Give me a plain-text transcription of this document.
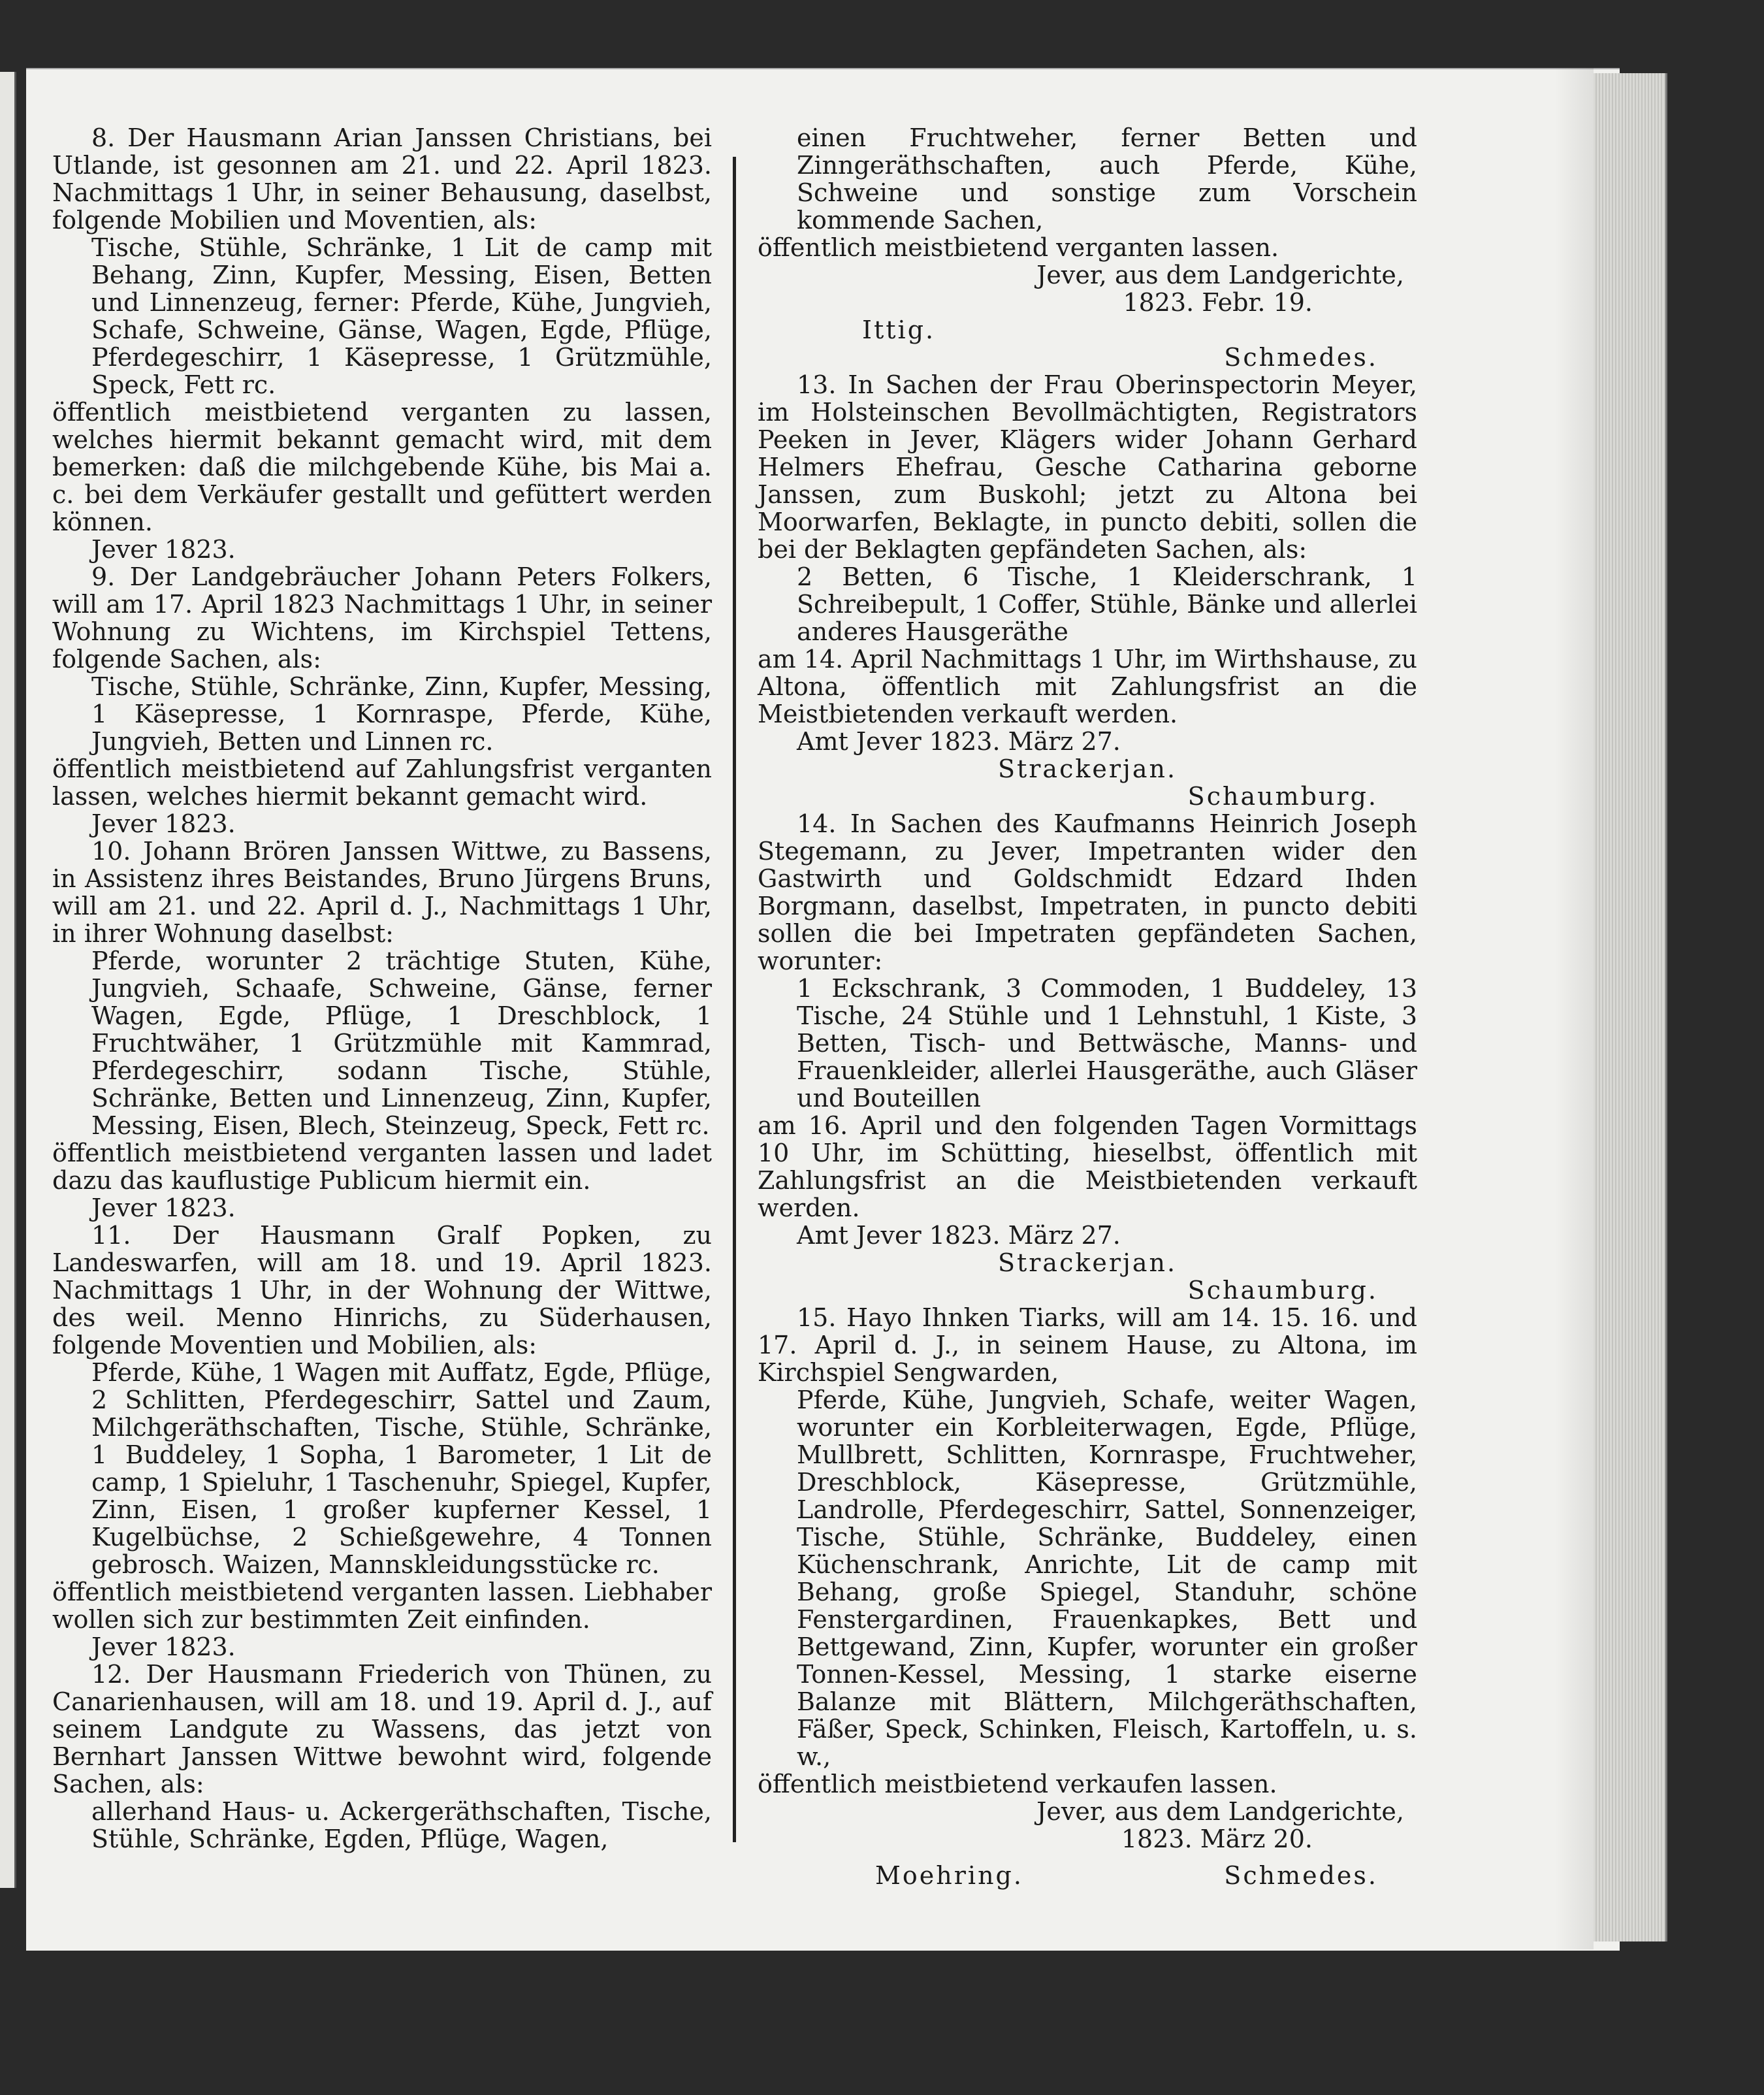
8. Der Hausmann Arian Janssen Christians, bei Utlande, ist gesonnen am 21. und 22. April 1823. Nachmittags 1 Uhr, in seiner Behausung, daselbst, folgende Mobilien und Moventien, als:

Tische, Stühle, Schränke, 1 Lit de camp mit Behang, Zinn, Kupfer, Messing, Eisen, Betten und Linnenzeug, ferner: Pferde, Kühe, Jungvieh, Schafe, Schweine, Gänse, Wagen, Egde, Pflüge, Pferdegeschirr, 1 Käsepresse, 1 Grützmühle, Speck, Fett rc.

öffentlich meistbietend verganten zu lassen, welches hiermit bekannt gemacht wird, mit dem bemerken: daß die milchgebende Kühe, bis Mai a. c. bei dem Verkäufer gestallt und gefüttert werden können.

Jever 1823.

9. Der Landgebräucher Johann Peters Folkers, will am 17. April 1823 Nachmittags 1 Uhr, in seiner Wohnung zu Wichtens, im Kirchspiel Tettens, folgende Sachen, als:

Tische, Stühle, Schränke, Zinn, Kupfer, Messing, 1 Käsepresse, 1 Kornraspe, Pferde, Kühe, Jungvieh, Betten und Linnen rc.

öffentlich meistbietend auf Zahlungsfrist verganten lassen, welches hiermit bekannt gemacht wird.

Jever 1823.

10. Johann Brören Janssen Wittwe, zu Bassens, in Assistenz ihres Beistandes, Bruno Jürgens Bruns, will am 21. und 22. April d. J., Nachmittags 1 Uhr, in ihrer Wohnung daselbst:

Pferde, worunter 2 trächtige Stuten, Kühe, Jungvieh, Schaafe, Schweine, Gänse, ferner Wagen, Egde, Pflüge, 1 Dreschblock, 1 Fruchtwäher, 1 Grützmühle mit Kammrad, Pferdegeschirr, sodann Tische, Stühle, Schränke, Betten und Linnenzeug, Zinn, Kupfer, Messing, Eisen, Blech, Steinzeug, Speck, Fett rc.

öffentlich meistbietend verganten lassen und ladet dazu das kauflustige Publicum hiermit ein.

Jever 1823.

11. Der Hausmann Gralf Popken, zu Landeswarfen, will am 18. und 19. April 1823. Nachmittags 1 Uhr, in der Wohnung der Wittwe, des weil. Menno Hinrichs, zu Süderhausen, folgende Moventien und Mobilien, als:

Pferde, Kühe, 1 Wagen mit Auffatz, Egde, Pflüge, 2 Schlitten, Pferdegeschirr, Sattel und Zaum, Milchgeräthschaften, Tische, Stühle, Schränke, 1 Buddeley, 1 Sopha, 1 Barometer, 1 Lit de camp, 1 Spieluhr, 1 Taschenuhr, Spiegel, Kupfer, Zinn, Eisen, 1 großer kupferner Kessel, 1 Kugelbüchse, 2 Schießgewehre, 4 Tonnen gebrosch. Waizen, Mannskleidungsstücke rc.

öffentlich meistbietend verganten lassen. Liebhaber wollen sich zur bestimmten Zeit einfinden.

Jever 1823.

12. Der Hausmann Friederich von Thünen, zu Canarienhausen, will am 18. und 19. April d. J., auf seinem Landgute zu Wassens, das jetzt von Bernhart Janssen Wittwe bewohnt wird, folgende Sachen, als:

allerhand Haus- u. Ackergeräthschaften, Tische, Stühle, Schränke, Egden, Pflüge, Wagen,

einen Fruchtweher, ferner Betten und Zinngeräthschaften, auch Pferde, Kühe, Schweine und sonstige zum Vorschein kommende Sachen,

öffentlich meistbietend verganten lassen.

Jever, aus dem Landgerichte,

1823. Febr. 19.

Ittig.

Schmedes.

13. In Sachen der Frau Oberinspectorin Meyer, im Holsteinschen Bevollmächtigten, Registrators Peeken in Jever, Klägers wider Johann Gerhard Helmers Ehefrau, Gesche Catharina geborne Janssen, zum Buskohl; jetzt zu Altona bei Moorwarfen, Beklagte, in puncto debiti, sollen die bei der Beklagten gepfändeten Sachen, als:

2 Betten, 6 Tische, 1 Kleiderschrank, 1 Schreibepult, 1 Coffer, Stühle, Bänke und allerlei anderes Hausgeräthe

am 14. April Nachmittags 1 Uhr, im Wirthshause, zu Altona, öffentlich mit Zahlungsfrist an die Meistbietenden verkauft werden.

Amt Jever 1823. März 27.

Strackerjan.

Schaumburg.

14. In Sachen des Kaufmanns Heinrich Joseph Stegemann, zu Jever, Impetranten wider den Gastwirth und Goldschmidt Edzard Ihden Borgmann, daselbst, Impetraten, in puncto debiti sollen die bei Impetraten gepfändeten Sachen, worunter:

1 Eckschrank, 3 Commoden, 1 Buddeley, 13 Tische, 24 Stühle und 1 Lehnstuhl, 1 Kiste, 3 Betten, Tisch- und Bettwäsche, Manns- und Frauenkleider, allerlei Hausgeräthe, auch Gläser und Bouteillen

am 16. April und den folgenden Tagen Vormittags 10 Uhr, im Schütting, hieselbst, öffentlich mit Zahlungsfrist an die Meistbietenden verkauft werden.

Amt Jever 1823. März 27.

Strackerjan.

Schaumburg.

15. Hayo Ihnken Tiarks, will am 14. 15. 16. und 17. April d. J., in seinem Hause, zu Altona, im Kirchspiel Sengwarden,

Pferde, Kühe, Jungvieh, Schafe, weiter Wagen, worunter ein Korbleiterwagen, Egde, Pflüge, Mullbrett, Schlitten, Kornraspe, Fruchtweher, Dreschblock, Käsepresse, Grützmühle, Landrolle, Pferdegeschirr, Sattel, Sonnenzeiger, Tische, Stühle, Schränke, Buddeley, einen Küchenschrank, Anrichte, Lit de camp mit Behang, große Spiegel, Standuhr, schöne Fenstergardinen, Frauenkapkes, Bett und Bettgewand, Zinn, Kupfer, worunter ein großer Tonnen-Kessel, Messing, 1 starke eiserne Balanze mit Blättern, Milchgeräthschaften, Fäßer, Speck, Schinken, Fleisch, Kartoffeln, u. s. w.,

öffentlich meistbietend verkaufen lassen.

Jever, aus dem Landgerichte,

1823. März 20.

Moehring.	Schmedes.
